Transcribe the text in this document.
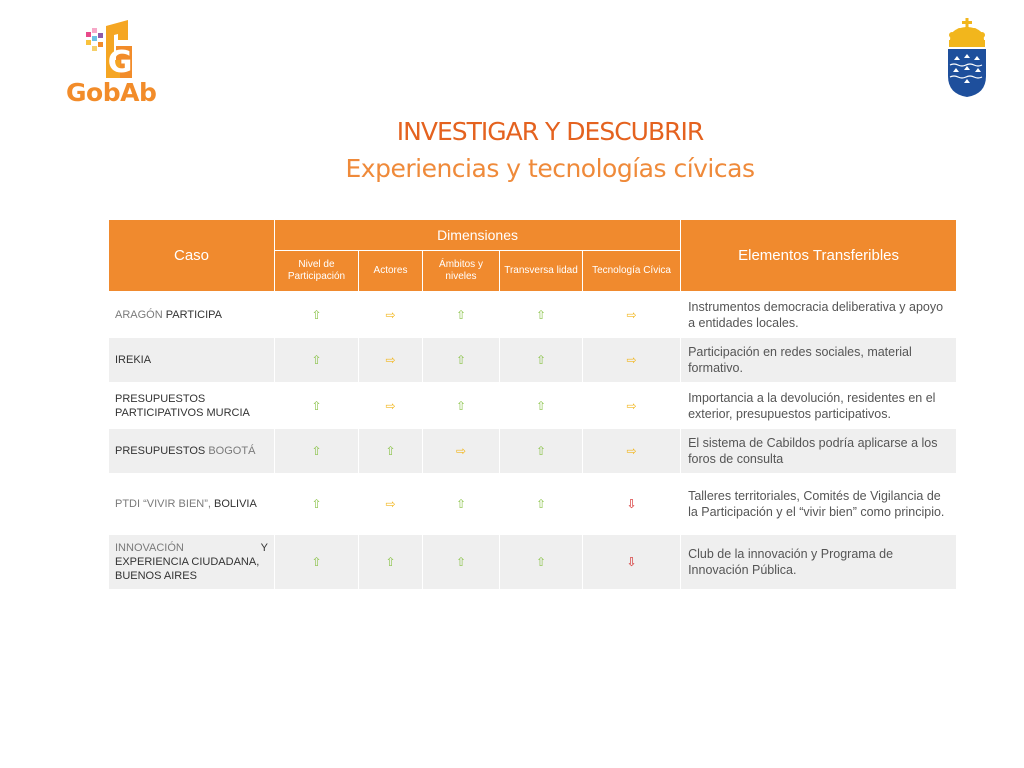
G
GobAb
INVESTIGAR Y DESCUBRIR
Experiencias y tecnologías cívicas
Caso	Dimensiones					Elementos Transferibles
	Nivel de Participación	Actores	Ámbitos y niveles	Transversa lidad	Tecnología Cívica	
ARAGÓN PARTICIPA	⇧	⇨	⇧	⇧	⇨	Instrumentos democracia deliberativa y apoyo a entidades locales.
IREKIA	⇧	⇨	⇧	⇧	⇨	Participación en redes sociales, material formativo.
PRESUPUESTOS PARTICIPATIVOS MURCIA	⇧	⇨	⇧	⇧	⇨	Importancia a la devolución, residentes en el exterior, presupuestos participativos.
PRESUPUESTOS BOGOTÁ	⇧	⇧	⇨	⇧	⇨	El sistema de Cabildos podría aplicarse a los foros de consulta
PTDI “VIVIR BIEN”, BOLIVIA	⇧	⇨	⇧	⇧	⇩	Talleres territoriales, Comités de Vigilancia de la Participación y el “vivir bien” como principio.

INNOVACIÓN Y
EXPERIENCIA CIUDADANA, BUENOS AIRES	⇧	⇧	⇧	⇧	⇩	Club de la innovación y Programa de Innovación Pública.
